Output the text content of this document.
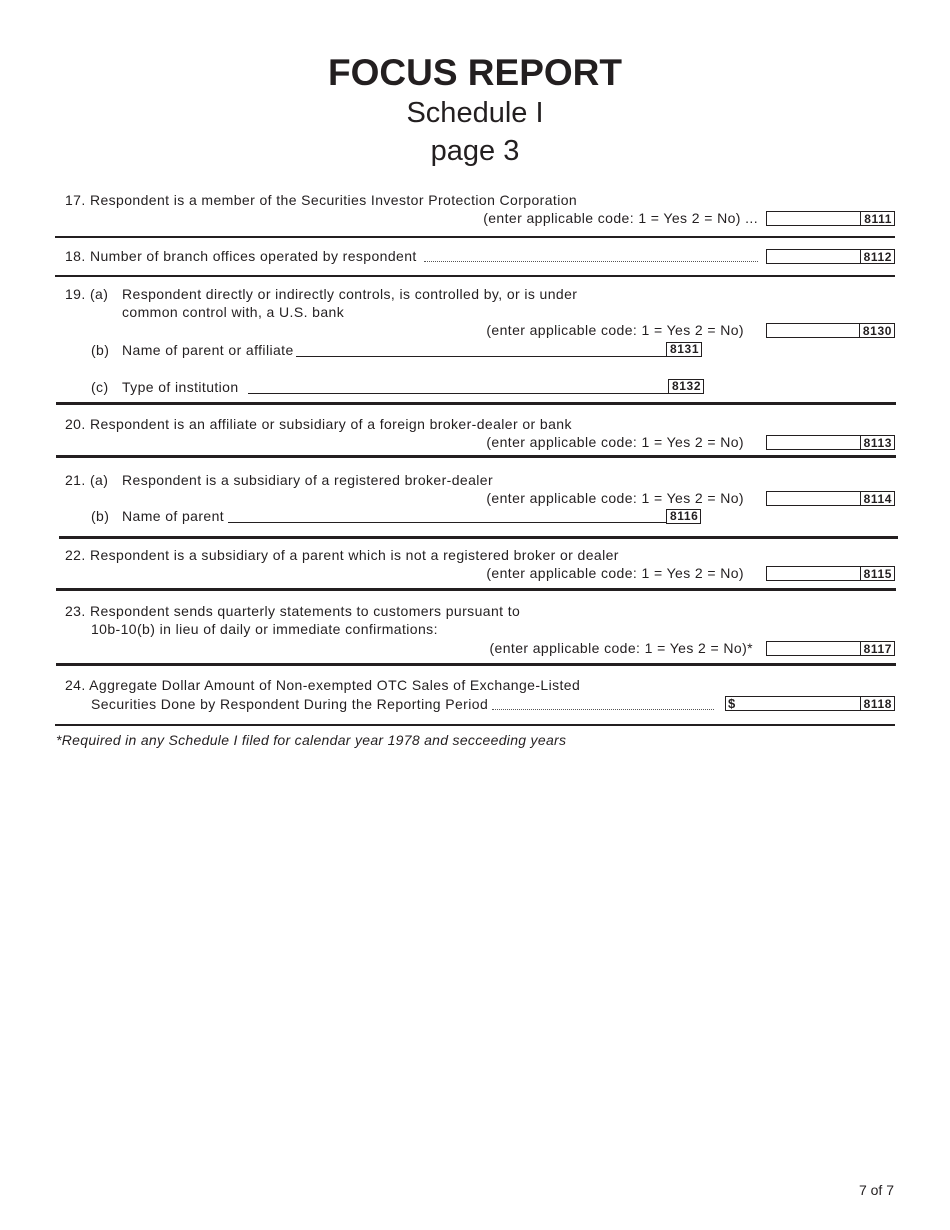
FOCUS REPORT
Schedule I
page 3
17. Respondent is a member of the Securities Investor Protection Corporation
(enter applicable code: 1 = Yes 2 = No) ...	8111
18. Number of branch offices operated by respondent	8112
19. (a) Respondent directly or indirectly controls, is controlled by, or is under
common control with, a U.S. bank
(enter applicable code: 1 = Yes 2 = No)	8130
(b) Name of parent or affiliate	8131
(c) Type of institution	8132
20. Respondent is an affiliate or subsidiary of a foreign broker-dealer or bank
(enter applicable code: 1 = Yes 2 = No)	8113
21. (a) Respondent is a subsidiary of a registered broker-dealer
(enter applicable code: 1 = Yes 2 = No)	8114
(b) Name of parent	8116
22. Respondent is a subsidiary of a parent which is not a registered broker or dealer
(enter applicable code: 1 = Yes 2 = No)	8115
23. Respondent sends quarterly statements to customers pursuant to
10b-10(b) in lieu of daily or immediate confirmations:
(enter applicable code: 1 = Yes 2 = No)*	8117
24. Aggregate Dollar Amount of Non-exempted OTC Sales of Exchange-Listed
Securities Done by Respondent During the Reporting Period	$	8118
*Required in any Schedule I filed for calendar year 1978 and secceeding years
7 of 7
